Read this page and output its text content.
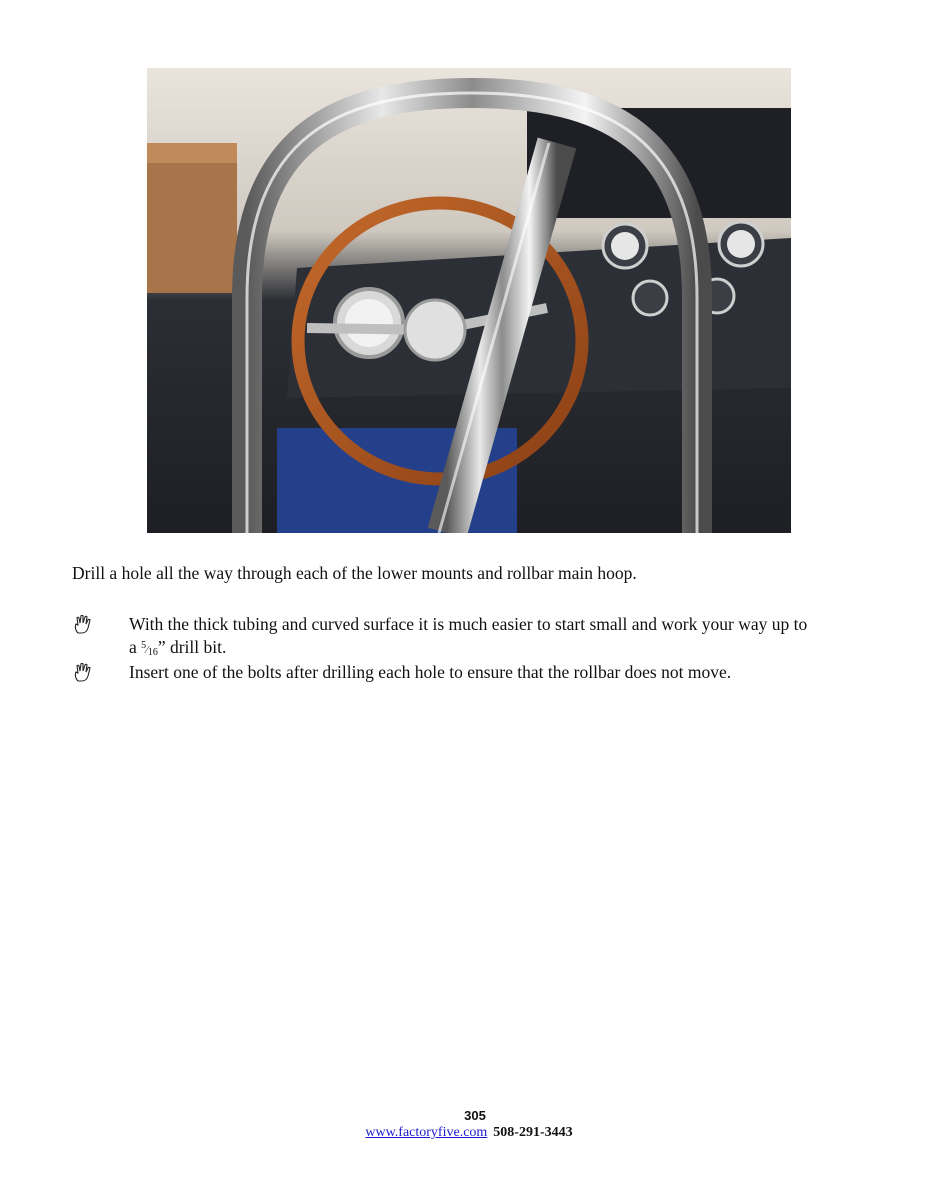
Drill a hole all the way through each of the lower mounts and rollbar main hoop.
With the thick tubing and curved surface it is much easier to start small and work your way up to
a 5⁄16” drill bit.
Insert one of the bolts after drilling each hole to ensure that the rollbar does not move.
305
www.factoryfive.com 508-291-3443
